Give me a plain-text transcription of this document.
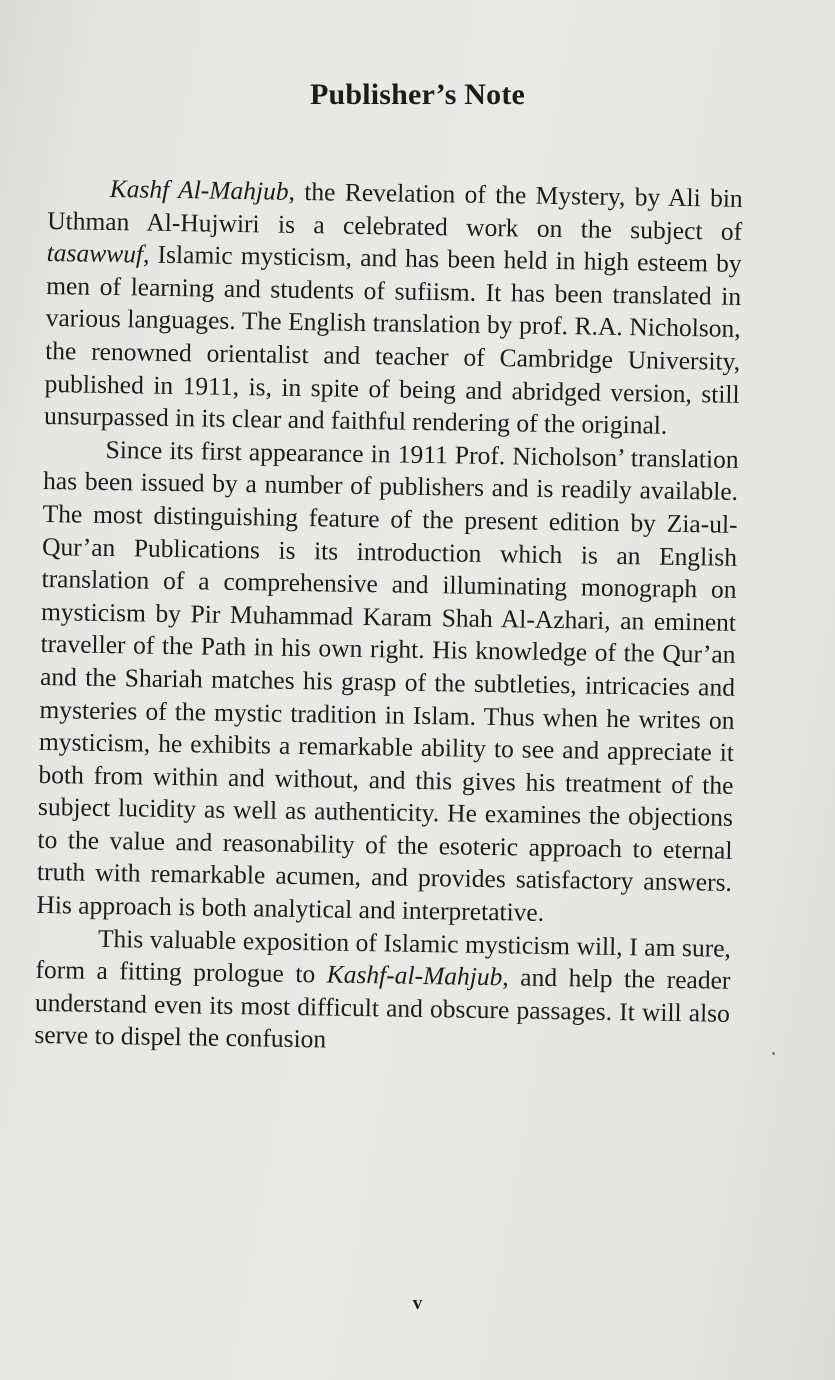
Publisher’s Note

Kashf Al-Mahjub, the Revelation of the Mystery, by Ali bin Uthman Al-Hujwiri is a celebrated work on the subject of tasawwuf, Islamic mysticism, and has been held in high esteem by men of learning and students of sufiism. It has been translated in various languages. The English translation by prof. R.A. Nicholson, the renowned orientalist and teacher of Cambridge University, published in 1911, is, in spite of being and abridged version, still unsurpassed in its clear and faithful rendering of the original.

Since its first appearance in 1911 Prof. Nicholson’ translation has been issued by a number of publishers and is readily available. The most distinguishing feature of the present edition by Zia-ul-Qur’an Publications is its introduction which is an English translation of a comprehensive and illuminating monograph on mysticism by Pir Muhammad Karam Shah Al-Azhari, an eminent traveller of the Path in his own right. His knowledge of the Qur’an and the Shariah matches his grasp of the subtleties, intricacies and mysteries of the mystic tradition in Islam. Thus when he writes on mysticism, he exhibits a remarkable ability to see and appreciate it both from within and without, and this gives his treatment of the subject lucidity as well as authenticity. He examines the objections to the value and reasonability of the esoteric approach to eternal truth with remarkable acumen, and provides satisfactory answers. His approach is both analytical and interpretative.

This valuable exposition of Islamic mysticism will, I am sure, form a fitting prologue to Kashf-al-Mahjub, and help the reader understand even its most difficult and obscure passages. It will also serve to dispel the confusion

v
